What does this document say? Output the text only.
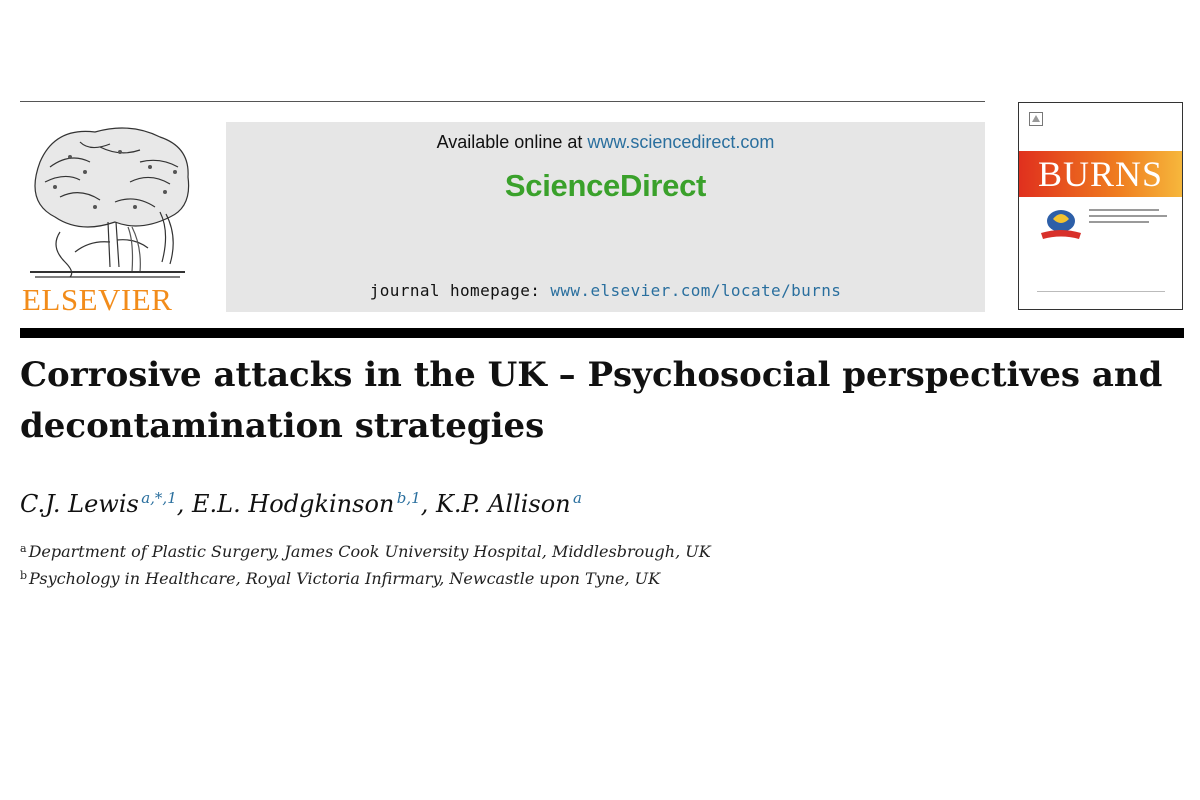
ELSEVIER
Available online at www.sciencedirect.com
ScienceDirect
journal homepage: www.elsevier.com/locate/burns
BURNS
Corrosive attacks in the UK – Psychosocial perspectives and decontamination strategies
C.J. Lewis  $^{a,*,1}$, E.L. Hodgkinson  $^{b,1}$, K.P. Allison  $^a$
$^a$ Department of Plastic Surgery, James Cook University Hospital, Middlesbrough, UK
$^b$ Psychology in Healthcare, Royal Victoria Infirmary, Newcastle upon Tyne, UK
